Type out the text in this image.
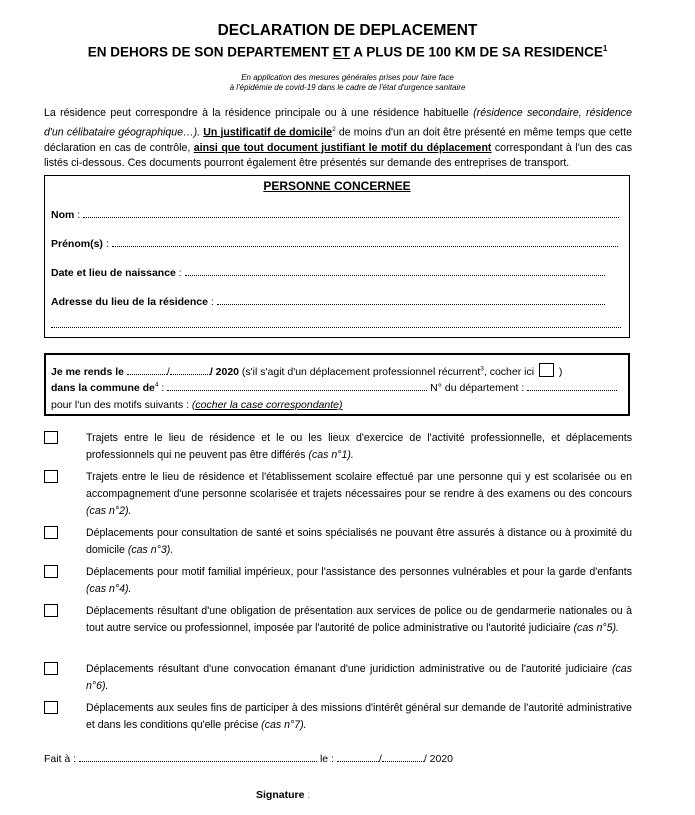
DECLARATION DE DEPLACEMENT
EN DEHORS DE SON DEPARTEMENT ET A PLUS DE 100 KM DE SA RESIDENCE$^1$
En application des mesures générales prises pour faire face
à l'épidémie de covid-19 dans le cadre de l'état d'urgence sanitaire
La résidence peut correspondre à la résidence principale ou à une résidence habituelle (résidence secondaire, résidence d'un célibataire géographique…). Un justificatif de domicile$^2$ de moins d'un an doit être présenté en même temps que cette déclaration en cas de contrôle, ainsi que tout document justifiant le motif du déplacement correspondant à l'un des cas listés ci-dessous. Ces documents pourront également être présentés sur demande des entreprises de transport.
PERSONNE CONCERNEE
Nom :
Prénom(s) :
Date et lieu de naissance :
Adresse du lieu de la résidence :
Je me rends le	/	/ 2020 (s'il s'agit d'un déplacement professionnel récurrent$^3$, cocher ici )
dans la commune $de^4$ :	N° du département :
pour l'un des motifs suivants : (cocher la case correspondante)
Trajets entre le lieu de résidence et le ou les lieux d'exercice de l'activité professionnelle, et déplacements professionnels qui ne peuvent pas être différés (cas n°1).
Trajets entre le lieu de résidence et l'établissement scolaire effectué par une personne qui y est scolarisée ou en accompagnement d'une personne scolarisée et trajets nécessaires pour se rendre à des examens ou des concours (cas n°2).
Déplacements pour consultation de santé et soins spécialisés ne pouvant être assurés à distance ou à proximité du domicile (cas n°3).
Déplacements pour motif familial impérieux, pour l'assistance des personnes vulnérables et pour la garde d'enfants (cas n°4).
Déplacements résultant d'une obligation de présentation aux services de police ou de gendarmerie nationales ou à tout autre service ou professionnel, imposée par l'autorité de police administrative ou l'autorité judiciaire (cas n°5).
Déplacements résultant d'une convocation émanant d'une juridiction administrative ou de l'autorité judiciaire (cas n°6).
Déplacements aux seules fins de participer à des missions d'intérêt général sur demande de l'autorité administrative et dans les conditions qu'elle précise (cas n°7).
Fait à :	le :	/	/ 2020
Signature :
